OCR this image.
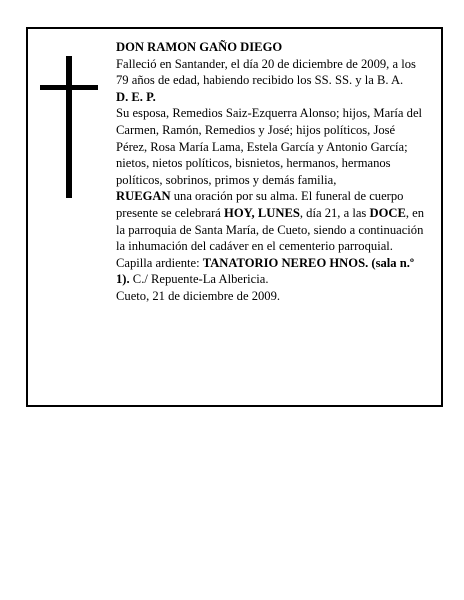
DON RAMON GAÑO DIEGO

Falleció en Santander, el día 20 de diciembre de 2009, a los 79 años de edad, habiendo recibido los SS. SS. y la B. A.

D. E. P.

Su esposa, Remedios Saiz-Ezquerra Alonso; hijos, María del Carmen, Ramón, Remedios y José; hijos políticos, José Pérez, Rosa María Lama, Estela García y Antonio García; nietos, nietos políticos, bisnietos, hermanos, hermanos políticos, sobrinos, primos y demás familia,

RUEGAN una oración por su alma. El funeral de cuerpo presente se celebrará HOY, LUNES, día 21, a las DOCE, en la parroquia de Santa María, de Cueto, siendo a continuación la inhumación del cadáver en el cementerio parroquial. Capilla ardiente: TANATORIO NEREO HNOS. (sala n.º 1). C./ Repuente-La Albericia.

Cueto, 21 de diciembre de 2009.
